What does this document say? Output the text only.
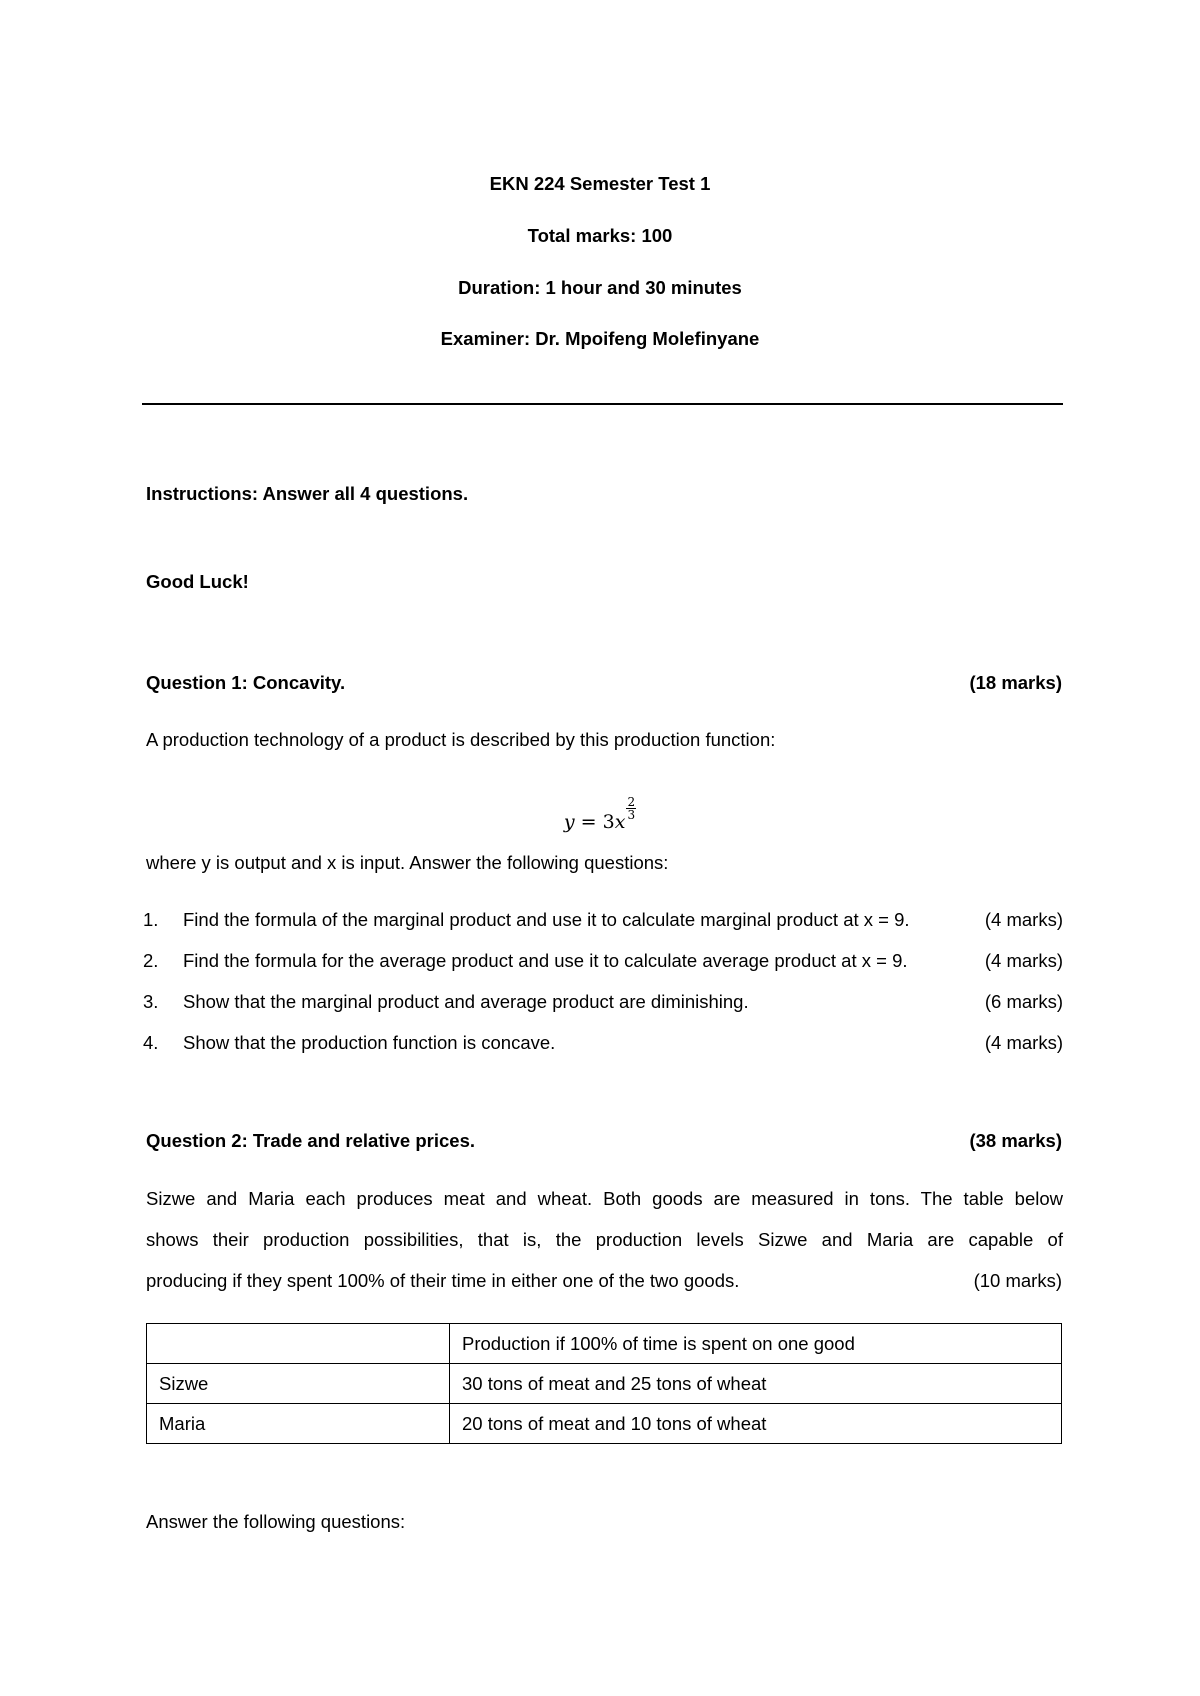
EKN 224 Semester Test 1
Total marks: 100
Duration: 1 hour and 30 minutes
Examiner: Dr. Mpoifeng Molefinyane
Instructions: Answer all 4 questions.
Good Luck!
Question 1: Concavity.	(18 marks)
A production technology of a product is described by this production function:
y = 3x
$\frac{2}{3}$
where y is output and x is input. Answer the following questions:
1.	Find the formula of the marginal product and use it to calculate marginal product at x = 9.	(4 marks)
2.	Find the formula for the average product and use it to calculate average product at x = 9.	(4 marks)
3.	Show that the marginal product and average product are diminishing.	(6 marks)
4.	Show that the production function is concave.	(4 marks)
Question 2: Trade and relative prices.	(38 marks)
Sizwe and Maria each produces meat and wheat. Both goods are measured in tons. The table below
shows their production possibilities, that is, the production levels Sizwe and Maria are capable of
producing if they spent 100% of their time in either one of the two goods.	(10 marks)
	Production if 100% of time is spent on one good
Sizwe	30 tons of meat and 25 tons of wheat
Maria	20 tons of meat and 10 tons of wheat
Answer the following questions:
